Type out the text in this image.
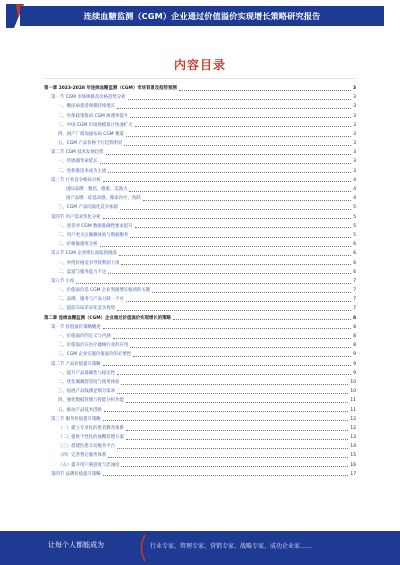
连续血糖监测（CGM）企业通过价值溢价实现增长策略研究报告
内容目录
第一章 2023-2028 年连续血糖监测（CGM）市场背景及趋势预测	3
第一节 CGM 市场规模及价格趋势分析	3
一、糖尿病患者规模持续增长	3
二、医保政策推动 CGM 渗透率提升	3
三、中国 CGM 市场规模预计快速扩大	3
四、国产厂商加速布局 CGM 赛道	3
五、CGM 产品价格下行趋势明显	3
第二节 CGM 技术发展趋势	3
一、传感器寿命延长	3
二、免校准技术成为主流	3
第三节 行业竞争格局分析	4
国际品牌：雅培、德康、美敦力	4
国产品牌：硅基动感、微泰医疗、鱼跃	4
三、CGM 产品同质化竞争加剧	5
第四节 用户需求变化分析	5
一、患者对 CGM 数据准确性要求提升	5
二、用户更关注佩戴体验与数据服务	5
三、价格敏感度分析	6
第五节 CGM 企业增长面临的挑战	6
一、单纯价格竞争导致利润下滑	6
二、渠道与服务能力不足	6
第六节 小结	7
一、价值溢价是 CGM 企业突破增长瓶颈的关键	7
二、品牌、服务与产品力缺一不可	7
三、提前布局差异化竞争优势	7
第二章 连续血糖监测（CGM）企业通过价值溢价实现增长的策略	8
第一节 价值溢价策略概述	8
一、价值溢价的定义与内涵	8
二、价值溢价在医疗器械行业的应用	8
三、CGM 企业实施价值溢价的必要性	9
第二节 产品价值提升策略	9
一、提升产品准确性与稳定性	9
二、优化佩戴舒适度与使用体验	10
三、拓展产品线满足细分需求	10
四、强化数据管理与智能分析功能	11
五、推动产品技术创新	11
第三节 服务价值提升策略	12
（一）建立专业化的患者教育体系	12
（二）提供个性化的血糖管理方案	13
（三）搭建医患互动服务平台	14
（四）完善售后服务体系	15
（五）提升用户满意度与忠诚度	16
第四节 品牌价值提升策略	17
让每个人都能成为	行业专家、管理专家、营销专家、战略专家、成功企业家……
